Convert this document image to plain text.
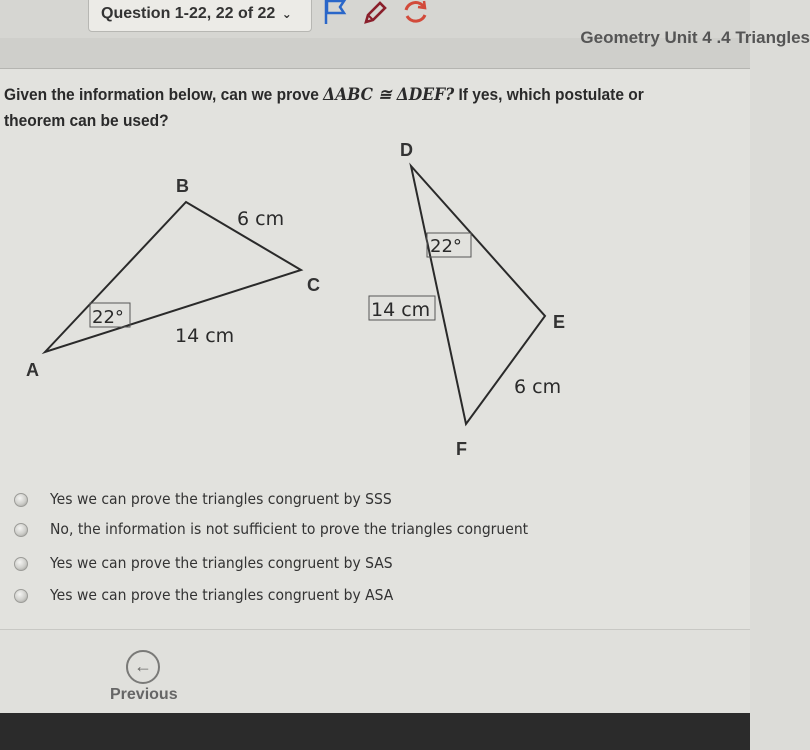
Question 1-22, 22 of 22 ⌄
Geometry Unit 4 .4 Triangles
Given the information below, can we prove ΔABC ≅ ΔDEF? If yes, which postulate or theorem can be used?
A
B
C
6 cm
14 cm
22°
D
E
F
22°
14 cm
6 cm
Yes we can prove the triangles congruent by SSS
No, the information is not sufficient to prove the triangles congruent
Yes we can prove the triangles congruent by SAS
Yes we can prove the triangles congruent by ASA
←
Previous
